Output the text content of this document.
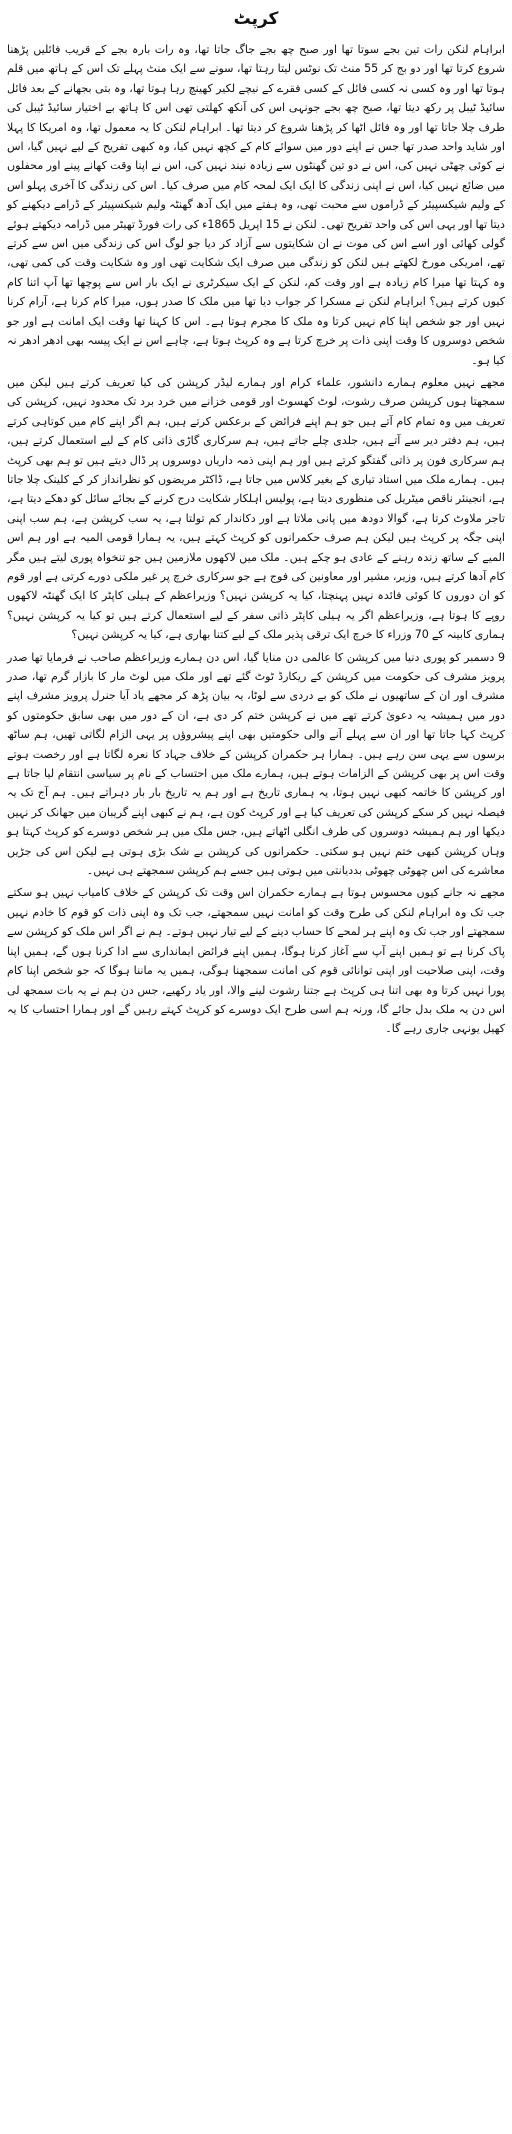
کرپٹ
ابراہام لنکن رات تین بجے سوتا تھا اور صبح چھ بجے جاگ جاتا تھا، وہ رات بارہ بجے کے قریب فائلیں پڑھنا شروع کرتا تھا اور دو بج کر 55 منٹ تک نوٹس لیتا رہتا تھا، سونے سے ایک منٹ پہلے تک اس کے ہاتھ میں قلم ہوتا تھا اور وہ کسی نہ کسی فائل کے کسی فقرے کے نیچے لکیر کھینچ رہا ہوتا تھا، وہ بتی بجھانے کے بعد فائل سائیڈ ٹیبل پر رکھ دیتا تھا، صبح چھ بجے جونہی اس کی آنکھ کھلتی تھی اس کا ہاتھ بے اختیار سائیڈ ٹیبل کی طرف چلا جاتا تھا اور وہ فائل اٹھا کر پڑھنا شروع کر دیتا تھا۔ ابراہام لنکن کا یہ معمول تھا، وہ امریکا کا پہلا اور شاید واحد صدر تھا جس نے اپنے دور میں سوائے کام کے کچھ نہیں کیا، وہ کبھی تفریح کے لیے نہیں گیا، اس نے کوئی چھٹی نہیں کی، اس نے دو تین گھنٹوں سے زیادہ نیند نہیں کی، اس نے اپنا وقت کھانے پینے اور محفلوں میں ضائع نہیں کیا، اس نے اپنی زندگی کا ایک ایک لمحہ کام میں صرف کیا۔ اس کی زندگی کا آخری پہلو اس کے ولیم شیکسپیئر کے ڈراموں سے محبت تھی، وہ ہفتے میں ایک آدھ گھنٹہ ولیم شیکسپیئر کے ڈرامے دیکھنے کو دیتا تھا اور یہی اس کی واحد تفریح تھی۔ لنکن نے 15 اپریل 1865ء کی رات فورڈ تھیٹر میں ڈرامہ دیکھتے ہوئے گولی کھائی اور اسے اس کی موت نے ان شکایتوں سے آزاد کر دیا جو لوگ اس کی زندگی میں اس سے کرتے تھے، امریکی مورخ لکھتے ہیں لنکن کو زندگی میں صرف ایک شکایت تھی اور وہ شکایت وقت کی کمی تھی، وہ کہتا تھا میرا کام زیادہ ہے اور وقت کم، لنکن کے ایک سیکرٹری نے ایک بار اس سے پوچھا تھا آپ اتنا کام کیوں کرتے ہیں؟ ابراہام لنکن نے مسکرا کر جواب دیا تھا میں ملک کا صدر ہوں، میرا کام کرنا ہے، آرام کرنا نہیں اور جو شخص اپنا کام نہیں کرتا وہ ملک کا مجرم ہوتا ہے۔ اس کا کہنا تھا وقت ایک امانت ہے اور جو شخص دوسروں کا وقت اپنی ذات پر خرچ کرتا ہے وہ کرپٹ ہوتا ہے، چاہے اس نے ایک پیسہ بھی ادھر ادھر نہ کیا ہو۔
مجھے نہیں معلوم ہمارے دانشور، علماء کرام اور ہمارے لیڈر کرپشن کی کیا تعریف کرتے ہیں لیکن میں سمجھتا ہوں کرپشن صرف رشوت، لوٹ کھسوٹ اور قومی خزانے میں خرد برد تک محدود نہیں، کرپشن کی تعریف میں وہ تمام کام آتے ہیں جو ہم اپنے فرائض کے برعکس کرتے ہیں، ہم اگر اپنے کام میں کوتاہی کرتے ہیں، ہم دفتر دیر سے آتے ہیں، جلدی چلے جاتے ہیں، ہم سرکاری گاڑی ذاتی کام کے لیے استعمال کرتے ہیں، ہم سرکاری فون پر ذاتی گفتگو کرتے ہیں اور ہم اپنی ذمہ داریاں دوسروں پر ڈال دیتے ہیں تو ہم بھی کرپٹ ہیں۔ ہمارے ملک میں استاد تیاری کے بغیر کلاس میں جاتا ہے، ڈاکٹر مریضوں کو نظرانداز کر کے کلینک چلا جاتا ہے، انجینئر ناقص میٹریل کی منظوری دیتا ہے، پولیس اہلکار شکایت درج کرنے کے بجائے سائل کو دھکے دیتا ہے، تاجر ملاوٹ کرتا ہے، گوالا دودھ میں پانی ملاتا ہے اور دکاندار کم تولتا ہے، یہ سب کرپشن ہے، ہم سب اپنی اپنی جگہ پر کرپٹ ہیں لیکن ہم صرف حکمرانوں کو کرپٹ کہتے ہیں، یہ ہمارا قومی المیہ ہے اور ہم اس المیے کے ساتھ زندہ رہنے کے عادی ہو چکے ہیں۔ ملک میں لاکھوں ملازمین ہیں جو تنخواہ پوری لیتے ہیں مگر کام آدھا کرتے ہیں، وزیر، مشیر اور معاونین کی فوج ہے جو سرکاری خرچ پر غیر ملکی دورے کرتی ہے اور قوم کو ان دوروں کا کوئی فائدہ نہیں پہنچتا، کیا یہ کرپشن نہیں؟ وزیراعظم کے ہیلی کاپٹر کا ایک گھنٹہ لاکھوں روپے کا ہوتا ہے، وزیراعظم اگر یہ ہیلی کاپٹر ذاتی سفر کے لیے استعمال کرتے ہیں تو کیا یہ کرپشن نہیں؟ ہماری کابینہ کے 70 وزراء کا خرچ ایک ترقی پذیر ملک کے لیے کتنا بھاری ہے، کیا یہ کرپشن نہیں؟
9 دسمبر کو پوری دنیا میں کرپشن کا عالمی دن منایا گیا، اس دن ہمارے وزیراعظم صاحب نے فرمایا تھا صدر پرویز مشرف کی حکومت میں کرپشن کے ریکارڈ ٹوٹ گئے تھے اور ملک میں لوٹ مار کا بازار گرم تھا، صدر مشرف اور ان کے ساتھیوں نے ملک کو بے دردی سے لوٹا، یہ بیان پڑھ کر مجھے یاد آیا جنرل پرویز مشرف اپنے دور میں ہمیشہ یہ دعویٰ کرتے تھے میں نے کرپشن ختم کر دی ہے، ان کے دور میں بھی سابق حکومتوں کو کرپٹ کہا جاتا تھا اور ان سے پہلے آنے والی حکومتیں بھی اپنے پیشروؤں پر یہی الزام لگاتی تھیں، ہم ساٹھ برسوں سے یہی سن رہے ہیں۔ ہمارا ہر حکمران کرپشن کے خلاف جہاد کا نعرہ لگاتا ہے اور رخصت ہوتے وقت اس پر بھی کرپشن کے الزامات ہوتے ہیں، ہمارے ملک میں احتساب کے نام پر سیاسی انتقام لیا جاتا ہے اور کرپشن کا خاتمہ کبھی نہیں ہوتا، یہ ہماری تاریخ ہے اور ہم یہ تاریخ بار بار دہراتے ہیں۔ ہم آج تک یہ فیصلہ نہیں کر سکے کرپشن کی تعریف کیا ہے اور کرپٹ کون ہے، ہم نے کبھی اپنے گریبان میں جھانک کر نہیں دیکھا اور ہم ہمیشہ دوسروں کی طرف انگلی اٹھاتے ہیں، جس ملک میں ہر شخص دوسرے کو کرپٹ کہتا ہو وہاں کرپشن کبھی ختم نہیں ہو سکتی۔ حکمرانوں کی کرپشن بے شک بڑی ہوتی ہے لیکن اس کی جڑیں معاشرے کی اس چھوٹی چھوٹی بددیانتی میں ہوتی ہیں جسے ہم کرپشن سمجھتے ہی نہیں۔
مجھے نہ جانے کیوں محسوس ہوتا ہے ہمارے حکمران اس وقت تک کرپشن کے خلاف کامیاب نہیں ہو سکتے جب تک وہ ابراہام لنکن کی طرح وقت کو امانت نہیں سمجھتے، جب تک وہ اپنی ذات کو قوم کا خادم نہیں سمجھتے اور جب تک وہ اپنے ہر لمحے کا حساب دینے کے لیے تیار نہیں ہوتے۔ ہم نے اگر اس ملک کو کرپشن سے پاک کرنا ہے تو ہمیں اپنے آپ سے آغاز کرنا ہوگا، ہمیں اپنے فرائض ایمانداری سے ادا کرنا ہوں گے، ہمیں اپنا وقت، اپنی صلاحیت اور اپنی توانائی قوم کی امانت سمجھنا ہوگی، ہمیں یہ ماننا ہوگا کہ جو شخص اپنا کام پورا نہیں کرتا وہ بھی اتنا ہی کرپٹ ہے جتنا رشوت لینے والا، اور یاد رکھیے، جس دن ہم نے یہ بات سمجھ لی اس دن یہ ملک بدل جائے گا، ورنہ ہم اسی طرح ایک دوسرے کو کرپٹ کہتے رہیں گے اور ہمارا احتساب کا یہ کھیل یونہی جاری رہے گا۔
